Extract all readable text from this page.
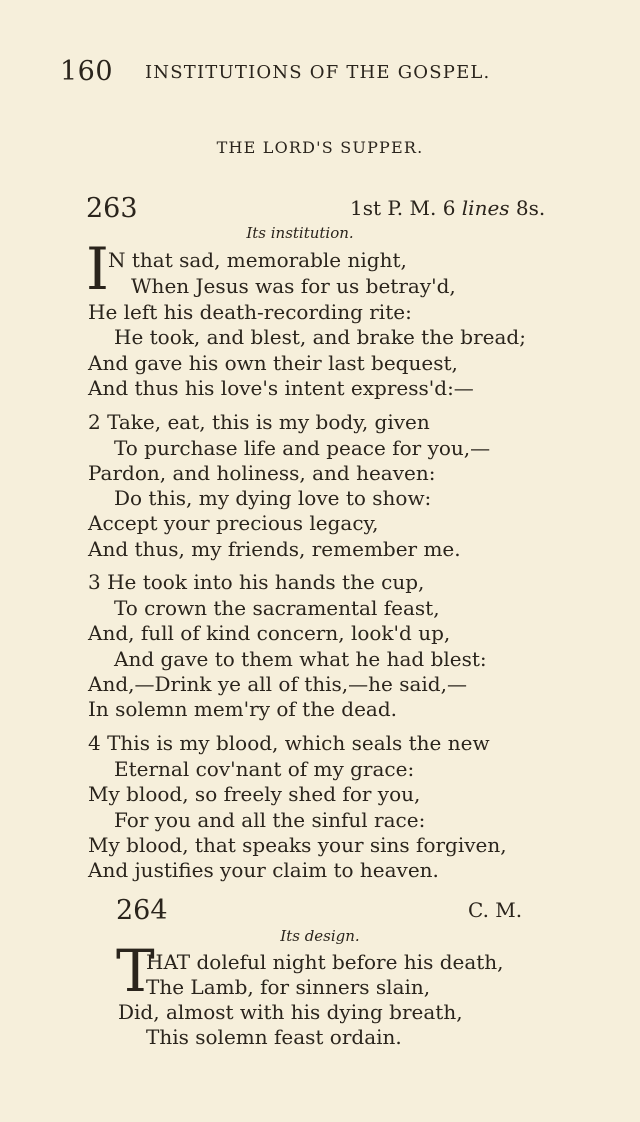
160 INSTITUTIONS OF THE GOSPEL.
THE LORD'S SUPPER.
263	1st P. M. 6 lines 8s.
Its institution.
I N that sad, memorable night,
When Jesus was for us betray'd,
He left his death-recording rite:
He took, and blest, and brake the bread;
And gave his own their last bequest,
And thus his love's intent express'd:—
2 Take, eat, this is my body, given
To purchase life and peace for you,—
Pardon, and holiness, and heaven:
Do this, my dying love to show:
Accept your precious legacy,
And thus, my friends, remember me.
3 He took into his hands the cup,
To crown the sacramental feast,
And, full of kind concern, look'd up,
And gave to them what he had blest:
And,—Drink ye all of this,—he said,—
In solemn mem'ry of the dead.
4 This is my blood, which seals the new
Eternal cov'nant of my grace:
My blood, so freely shed for you,
For you and all the sinful race:
My blood, that speaks your sins forgiven,
And justifies your claim to heaven.
264	C. M.
Its design.
T
HAT doleful night before his death,
The Lamb, for sinners slain,
Did, almost with his dying breath,
This solemn feast ordain.
